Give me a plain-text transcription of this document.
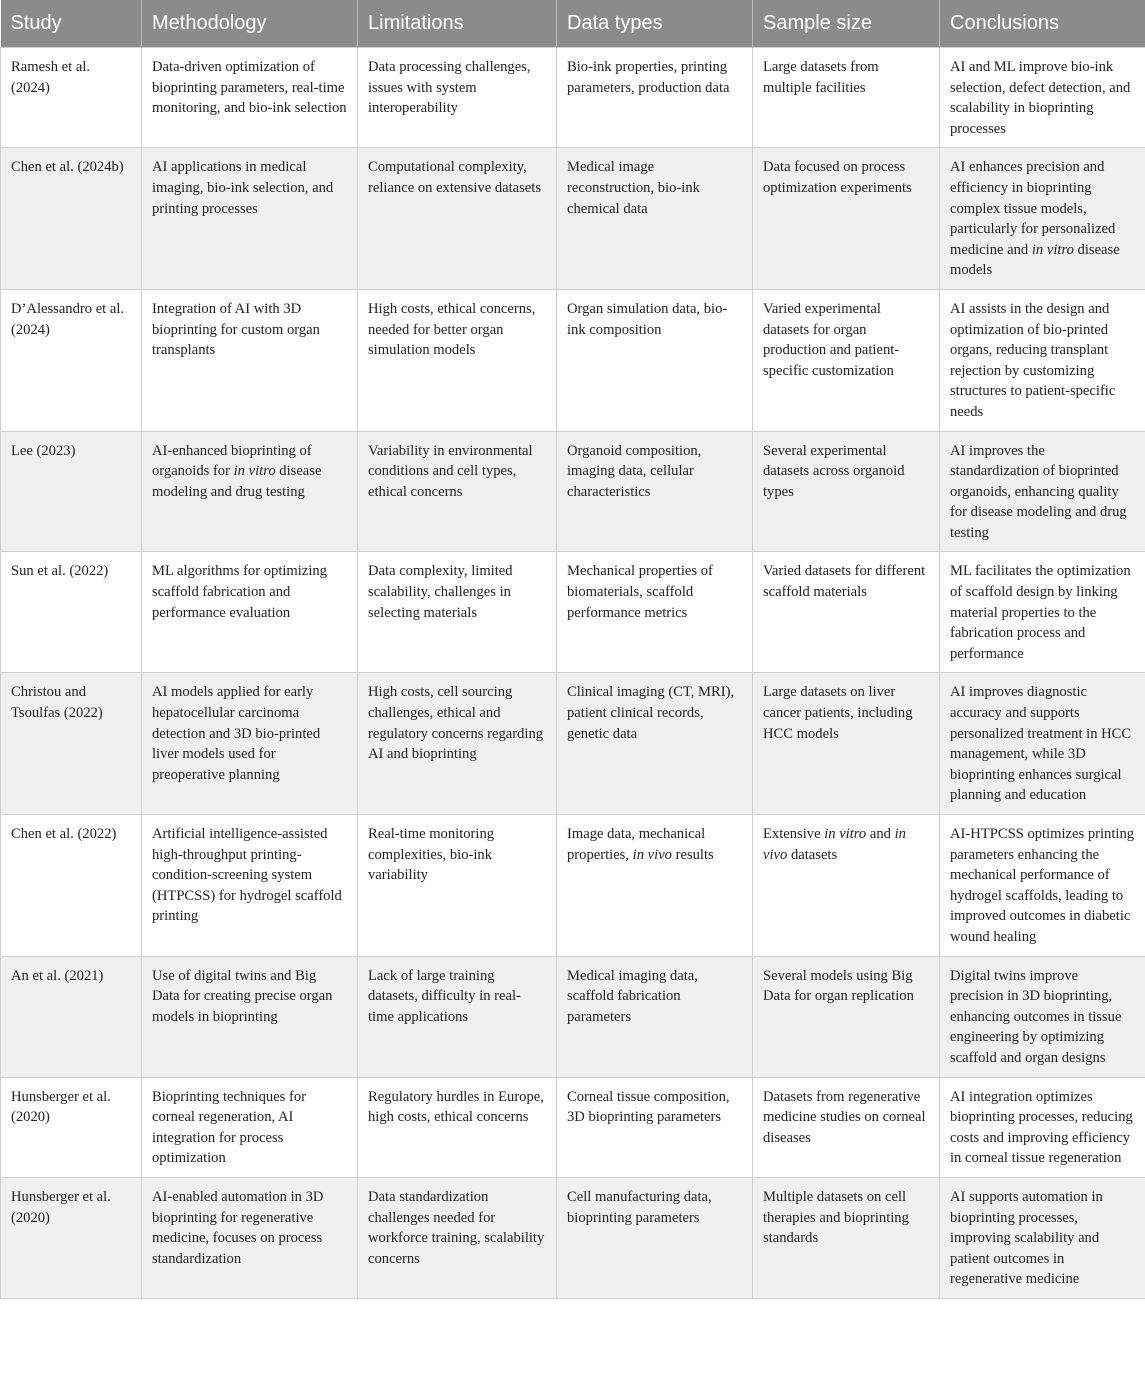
Study	Methodology	Limitations	Data types	Sample size	Conclusions
Ramesh et al. (2024)	Data-driven optimization of bioprinting parameters, real-time monitoring, and bio-ink selection	Data processing challenges, issues with system interoperability	Bio-ink properties, printing parameters, production data	Large datasets from multiple facilities	AI and ML improve bio-ink selection, defect detection, and scalability in bioprinting processes
Chen et al. (2024b)	AI applications in medical imaging, bio-ink selection, and printing processes	Computational complexity, reliance on extensive datasets	Medical image reconstruction, bio-ink chemical data	Data focused on process optimization experiments	AI enhances precision and efficiency in bioprinting complex tissue models, particularly for personalized medicine and in vitro disease models
D’Alessandro et al. (2024)	Integration of AI with 3D bioprinting for custom organ transplants	High costs, ethical concerns, needed for better organ simulation models	Organ simulation data, bio-ink composition	Varied experimental datasets for organ production and patient-specific customization	AI assists in the design and optimization of bio-printed organs, reducing transplant rejection by customizing structures to patient-specific needs
Lee (2023)	AI-enhanced bioprinting of organoids for in vitro disease modeling and drug testing	Variability in environmental conditions and cell types, ethical concerns	Organoid composition, imaging data, cellular characteristics	Several experimental datasets across organoid types	AI improves the standardization of bioprinted organoids, enhancing quality for disease modeling and drug testing
Sun et al. (2022)	ML algorithms for optimizing scaffold fabrication and performance evaluation	Data complexity, limited scalability, challenges in selecting materials	Mechanical properties of biomaterials, scaffold performance metrics	Varied datasets for different scaffold materials	ML facilitates the optimization of scaffold design by linking material properties to the fabrication process and performance
Christou and Tsoulfas (2022)	AI models applied for early hepatocellular carcinoma detection and 3D bio-printed liver models used for preoperative planning	High costs, cell sourcing challenges, ethical and regulatory concerns regarding AI and bioprinting	Clinical imaging (CT, MRI), patient clinical records, genetic data	Large datasets on liver cancer patients, including HCC models	AI improves diagnostic accuracy and supports personalized treatment in HCC management, while 3D bioprinting enhances surgical planning and education
Chen et al. (2022)	Artificial intelligence-assisted high-throughput printing-condition-screening system (HTPCSS) for hydrogel scaffold printing	Real-time monitoring complexities, bio-ink variability	Image data, mechanical properties, in vivo results	Extensive in vitro and in vivo datasets	AI-HTPCSS optimizes printing parameters enhancing the mechanical performance of hydrogel scaffolds, leading to improved outcomes in diabetic wound healing
An et al. (2021)	Use of digital twins and Big Data for creating precise organ models in bioprinting	Lack of large training datasets, difficulty in real-time applications	Medical imaging data, scaffold fabrication parameters	Several models using Big Data for organ replication	Digital twins improve precision in 3D bioprinting, enhancing outcomes in tissue engineering by optimizing scaffold and organ designs
Hunsberger et al. (2020)	Bioprinting techniques for corneal regeneration, AI integration for process optimization	Regulatory hurdles in Europe, high costs, ethical concerns	Corneal tissue composition, 3D bioprinting parameters	Datasets from regenerative medicine studies on corneal diseases	AI integration optimizes bioprinting processes, reducing costs and improving efficiency in corneal tissue regeneration
Hunsberger et al. (2020)	AI-enabled automation in 3D bioprinting for regenerative medicine, focuses on process standardization	Data standardization challenges needed for workforce training, scalability concerns	Cell manufacturing data, bioprinting parameters	Multiple datasets on cell therapies and bioprinting standards	AI supports automation in bioprinting processes, improving scalability and patient outcomes in regenerative medicine
